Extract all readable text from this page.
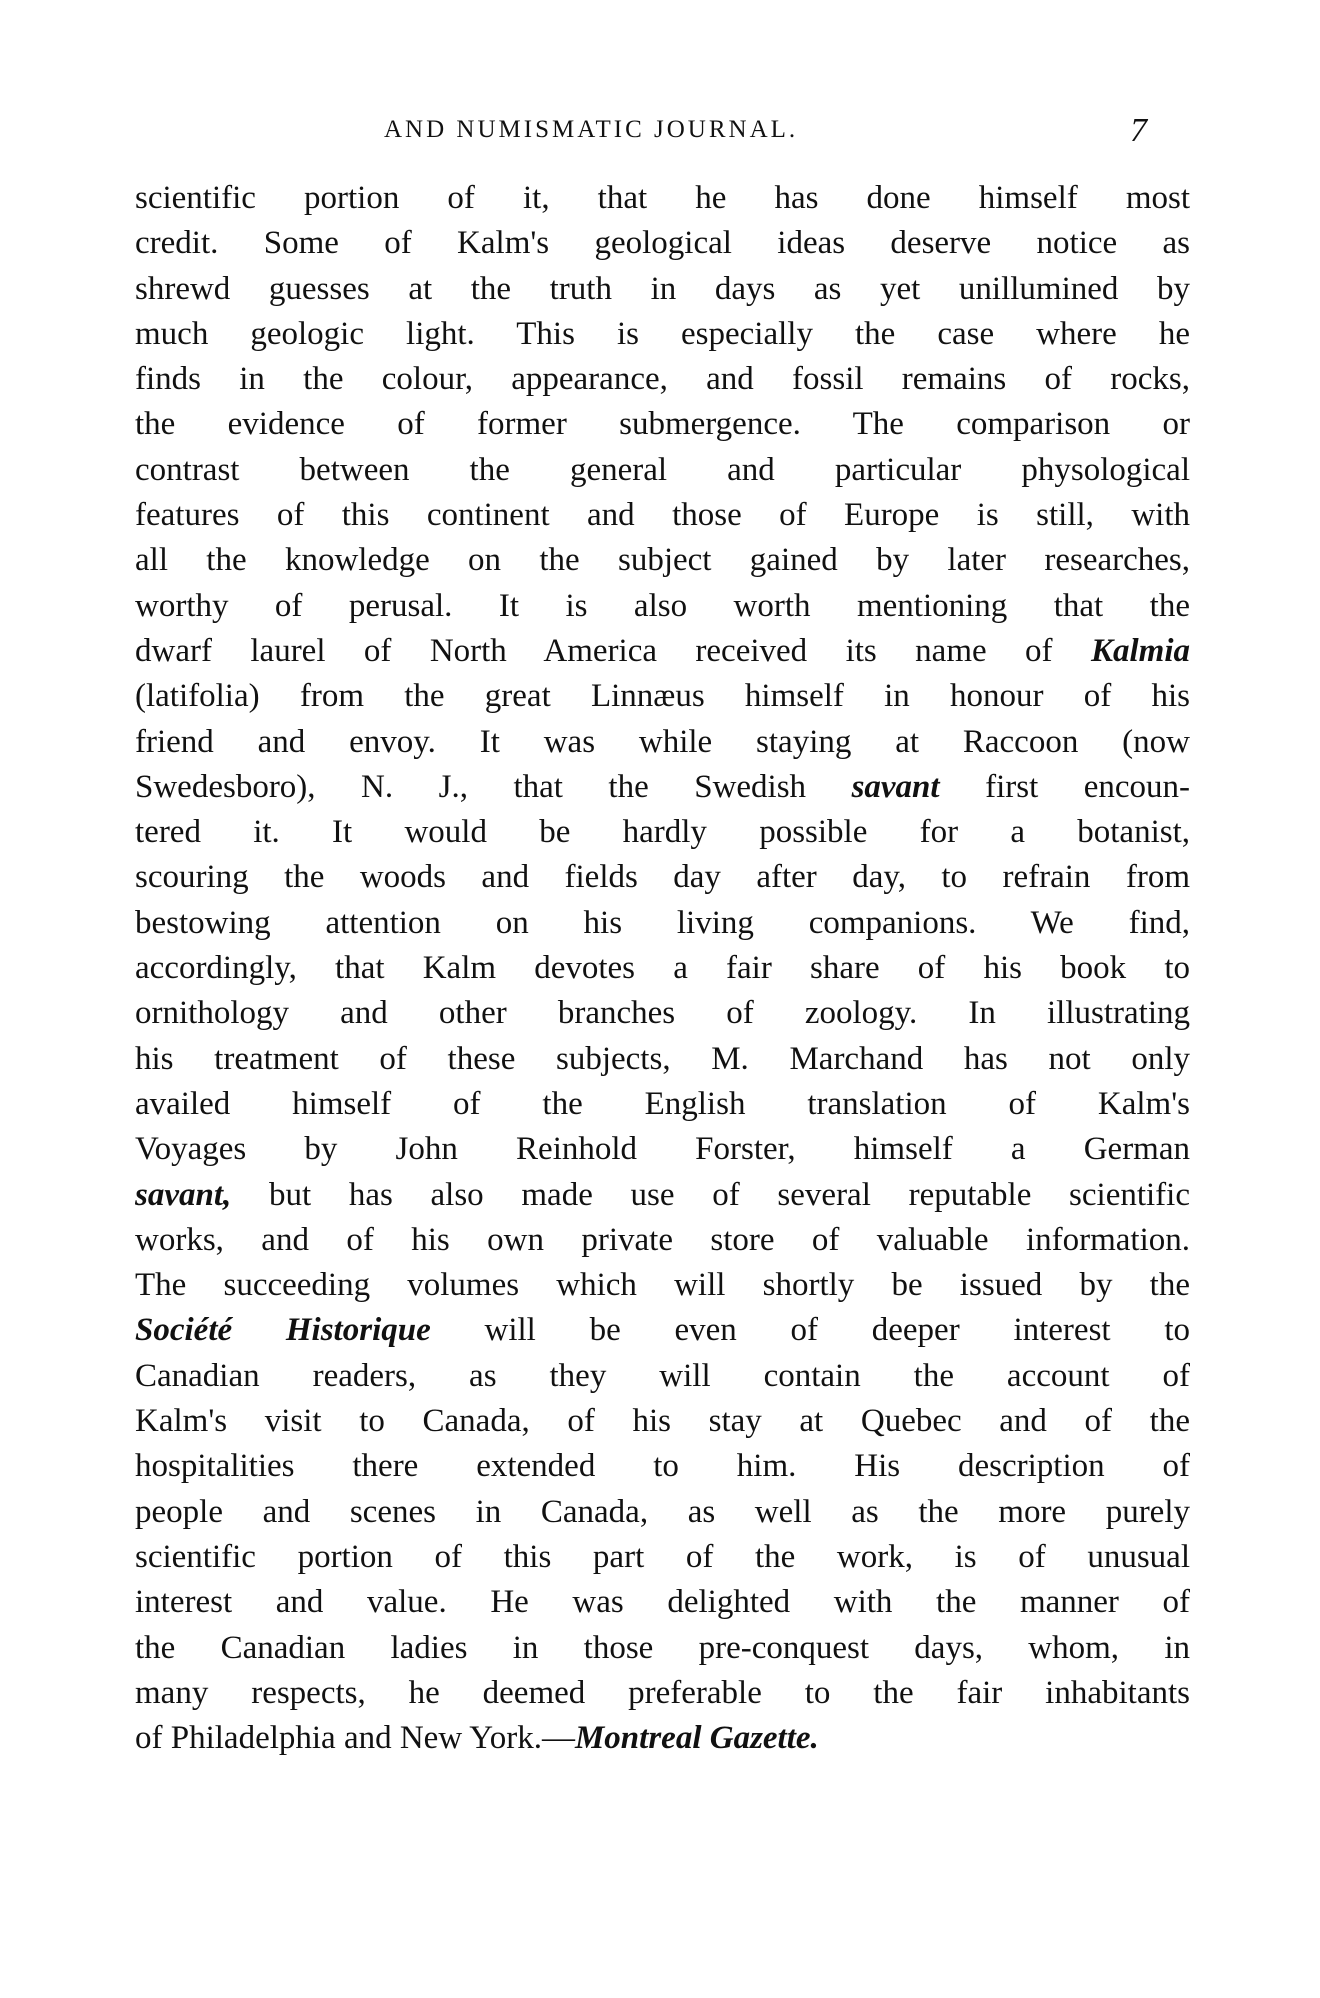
AND NUMISMATIC JOURNAL.	7
scientific portion of it, that he has done himself most
credit. Some of Kalm's geological ideas deserve notice as
shrewd guesses at the truth in days as yet unillumined by
much geologic light. This is especially the case where he
finds in the colour, appearance, and fossil remains of rocks,
the evidence of former submergence. The comparison or
contrast between the general and particular physological
features of this continent and those of Europe is still, with
all the knowledge on the subject gained by later researches,
worthy of perusal. It is also worth mentioning that the
dwarf laurel of North America received its name of Kalmia
(latifolia) from the great Linnæus himself in honour of his
friend and envoy. It was while staying at Raccoon (now
Swedesboro), N. J., that the Swedish savant first encoun-
tered it. It would be hardly possible for a botanist,
scouring the woods and fields day after day, to refrain from
bestowing attention on his living companions. We find,
accordingly, that Kalm devotes a fair share of his book to
ornithology and other branches of zoology. In illustrating
his treatment of these subjects, M. Marchand has not only
availed himself of the English translation of Kalm's
Voyages by John Reinhold Forster, himself a German
savant, but has also made use of several reputable scientific
works, and of his own private store of valuable information.
The succeeding volumes which will shortly be issued by the
Société Historique will be even of deeper interest to
Canadian readers, as they will contain the account of
Kalm's visit to Canada, of his stay at Quebec and of the
hospitalities there extended to him. His description of
people and scenes in Canada, as well as the more purely
scientific portion of this part of the work, is of unusual
interest and value. He was delighted with the manner of
the Canadian ladies in those pre-conquest days, whom, in
many respects, he deemed preferable to the fair inhabitants
of Philadelphia and New York.—Montreal Gazette.
